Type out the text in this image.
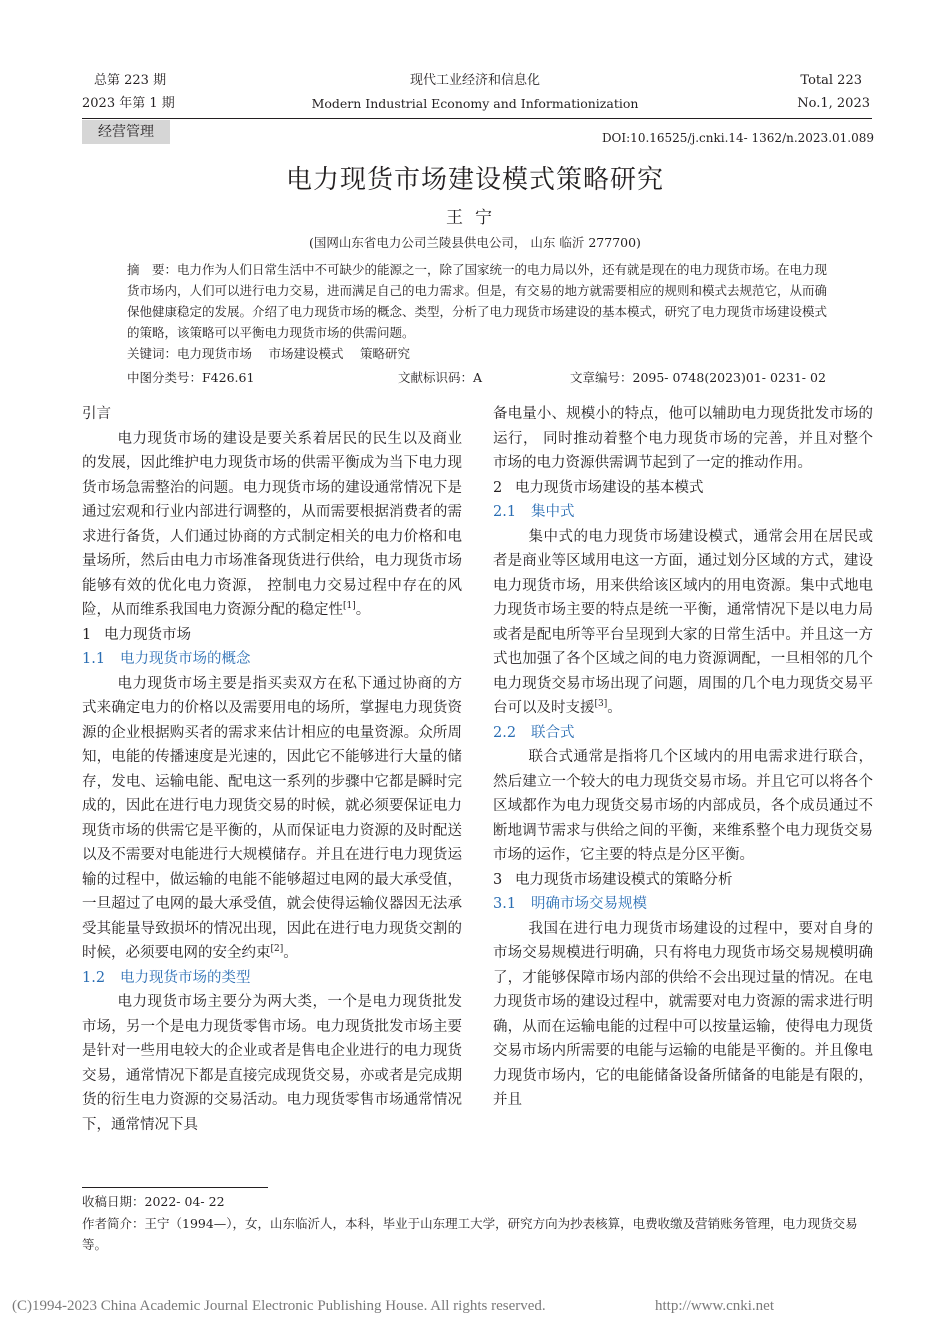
总第 223 期
2023 年第 1 期
现代工业经济和信息化
Modern Industrial Economy and Informationization
Total 223
No.1, 2023
经营管理	DOI:10.16525/j.cnki.14- 1362/n.2023.01.089
电力现货市场建设模式策略研究
王宁
(国网山东省电力公司兰陵县供电公司， 山东 临沂 277700)
摘　要：电力作为人们日常生活中不可缺少的能源之一，除了国家统一的电力局以外，还有就是现在的电力现货市场。在电力现货市场内，人们可以进行电力交易，进而满足自己的电力需求。但是，有交易的地方就需要相应的规则和模式去规范它，从而确保他健康稳定的发展。介绍了电力现货市场的概念、类型，分析了电力现货市场建设的基本模式，研究了电力现货市场建设模式的策略，该策略可以平衡电力现货市场的供需问题。
关键词：电力现货市场　 市场建设模式　 策略研究
中图分类号：F426.61	文献标识码：A	文章编号：2095- 0748(2023)01- 0231- 02
引言

电力现货市场的建设是要关系着居民的民生以及商业的发展，因此维护电力现货市场的供需平衡成为当下电力现货市场急需整治的问题。电力现货市场的建设通常情况下是通过宏观和行业内部进行调整的，从而需要根据消费者的需求进行备货，人们通过协商的方式制定相关的电力价格和电量场所，然后由电力市场准备现货进行供给，电力现货市场能够有效的优化电力资源， 控制电力交易过程中存在的风险，从而维系我国电力资源分配的稳定性[1]。

1 电力现货市场
1.1 电力现货市场的概念

电力现货市场主要是指买卖双方在私下通过协商的方式来确定电力的价格以及需要用电的场所，掌握电力现货资源的企业根据购买者的需求来估计相应的电量资源。众所周知，电能的传播速度是光速的，因此它不能够进行大量的储存，发电、运输电能、配电这一系列的步骤中它都是瞬时完成的，因此在进行电力现货交易的时候，就必须要保证电力现货市场的供需它是平衡的，从而保证电力资源的及时配送以及不需要对电能进行大规模储存。并且在进行电力现货运输的过程中，做运输的电能不能够超过电网的最大承受值，一旦超过了电网的最大承受值，就会使得运输仪器因无法承受其能量导致损坏的情况出现，因此在进行电力现货交割的时候，必须要电网的安全约束[2]。

1.2 电力现货市场的类型

电力现货市场主要分为两大类，一个是电力现货批发市场，另一个是电力现货零售市场。电力现货批发市场主要是针对一些用电较大的企业或者是售电企业进行的电力现货交易，通常情况下都是直接完成现货交易，亦或者是完成期货的衍生电力资源的交易活动。电力现货零售市场通常情况下，通常情况下具

备电量小、规模小的特点，他可以辅助电力现货批发市场的运行， 同时推动着整个电力现货市场的完善，并且对整个市场的电力资源供需调节起到了一定的推动作用。
2 电力现货市场建设的基本模式
2.1 集中式

集中式的电力现货市场建设模式，通常会用在居民或者是商业等区域用电这一方面，通过划分区域的方式，建设电力现货市场，用来供给该区域内的用电资源。集中式地电力现货市场主要的特点是统一平衡，通常情况下是以电力局或者是配电所等平台呈现到大家的日常生活中。并且这一方式也加强了各个区域之间的电力资源调配，一旦相邻的几个电力现货交易市场出现了问题，周围的几个电力现货交易平台可以及时支援[3]。

2.2 联合式

联合式通常是指将几个区域内的用电需求进行联合，然后建立一个较大的电力现货交易市场。并且它可以将各个区域都作为电力现货交易市场的内部成员，各个成员通过不断地调节需求与供给之间的平衡，来维系整个电力现货交易市场的运作，它主要的特点是分区平衡。

3 电力现货市场建设模式的策略分析
3.1 明确市场交易规模

我国在进行电力现货市场建设的过程中，要对自身的市场交易规模进行明确，只有将电力现货市场交易规模明确了，才能够保障市场内部的供给不会出现过量的情况。在电力现货市场的建设过程中，就需要对电力资源的需求进行明确，从而在运输电能的过程中可以按量运输，使得电力现货交易市场内所需要的电能与运输的电能是平衡的。并且像电力现货市场内，它的电能储备设备所储备的电能是有限的，并且

收稿日期：2022- 04- 22
作者简介：王宁（1994—），女，山东临沂人，本科，毕业于山东理工大学，研究方向为抄表核算，电费收缴及营销账务管理，电力现货交易等。
(C)1994-2023 China Academic Journal Electronic Publishing House. All rights reserved.	http://www.cnki.net
